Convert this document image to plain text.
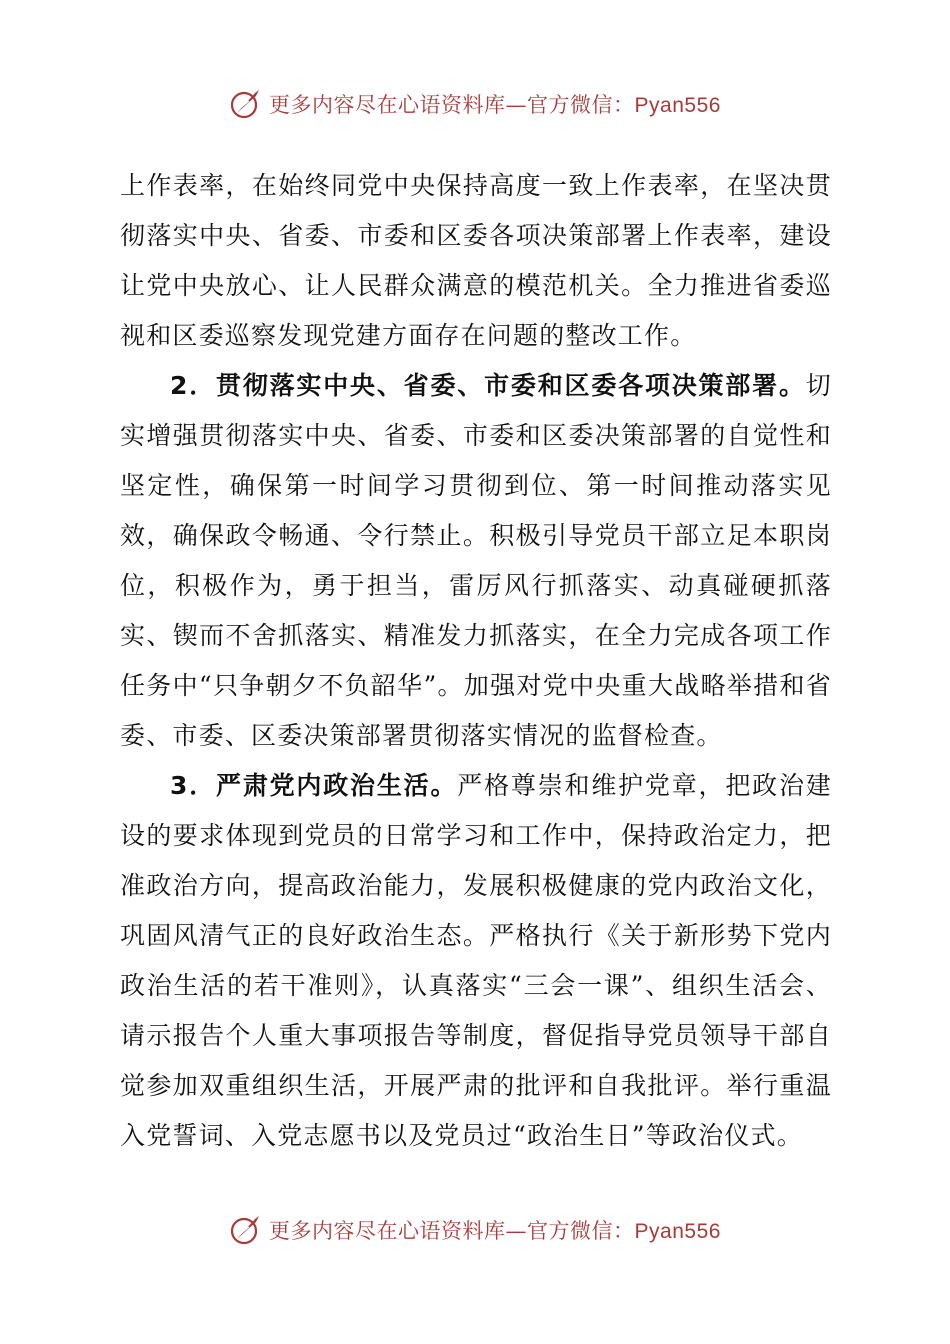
更多内容尽在心语资料库—官方微信：Pyan556

上作表率，在始终同党中央保持高度一致上作表率，在坚决贯彻落实中央、省委、市委和区委各项决策部署上作表率，建设让党中央放心、让人民群众满意的模范机关。全力推进省委巡视和区委巡察发现党建方面存在问题的整改工作。

2．贯彻落实中央、省委、市委和区委各项决策部署。切实增强贯彻落实中央、省委、市委和区委决策部署的自觉性和坚定性，确保第一时间学习贯彻到位、第一时间推动落实见效，确保政令畅通、令行禁止。积极引导党员干部立足本职岗位，积极作为，勇于担当，雷厉风行抓落实、动真碰硬抓落实、锲而不舍抓落实、精准发力抓落实，在全力完成各项工作任务中“只争朝夕不负韶华”。加强对党中央重大战略举措和省委、市委、区委决策部署贯彻落实情况的监督检查。

3．严肃党内政治生活。严格尊崇和维护党章，把政治建设的要求体现到党员的日常学习和工作中，保持政治定力，把准政治方向，提高政治能力，发展积极健康的党内政治文化，巩固风清气正的良好政治生态。严格执行《关于新形势下党内政治生活的若干准则》，认真落实“三会一课”、组织生活会、请示报告个人重大事项报告等制度，督促指导党员领导干部自觉参加双重组织生活，开展严肃的批评和自我批评。举行重温入党誓词、入党志愿书以及党员过“政治生日”等政治仪式。

更多内容尽在心语资料库—官方微信：Pyan556
